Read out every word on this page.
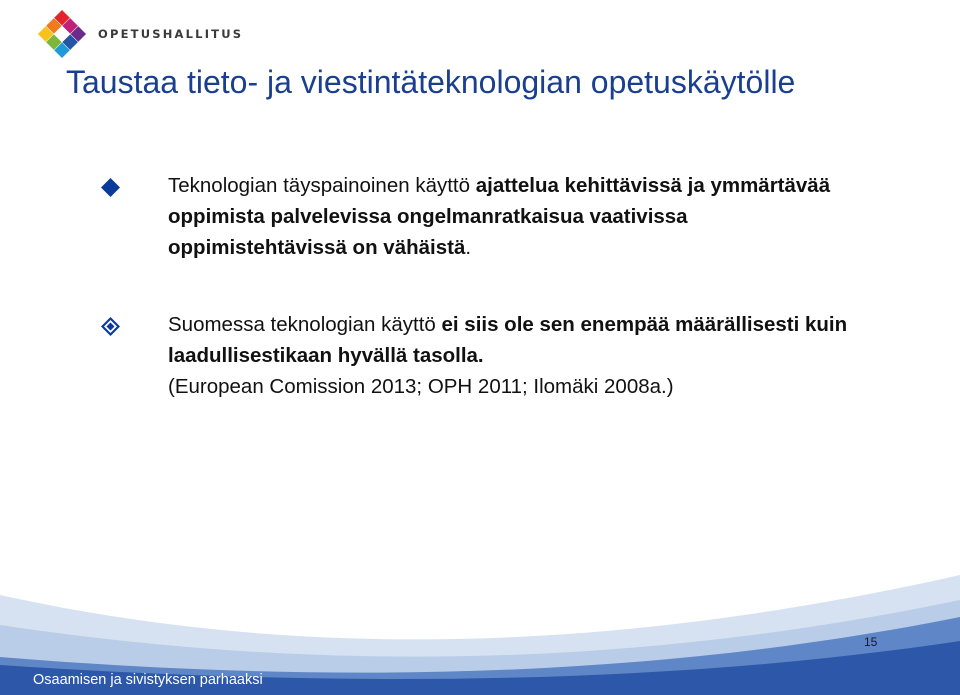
OPETUSHALLITUS
Taustaa tieto- ja viestintäteknologian opetuskäytölle
Teknologian täyspainoinen käyttö ajattelua kehittävissä ja ymmärtävää oppimista palvelevissa ongelmanratkaisua vaativissa oppimistehtävissä on vähäistä.
Suomessa teknologian käyttö ei siis ole sen enempää määrällisesti kuin laadullisestikaan hyvällä tasolla.
(European Comission 2013; OPH 2011; Ilomäki 2008a.)
Osaamisen ja sivistyksen parhaaksi
15
